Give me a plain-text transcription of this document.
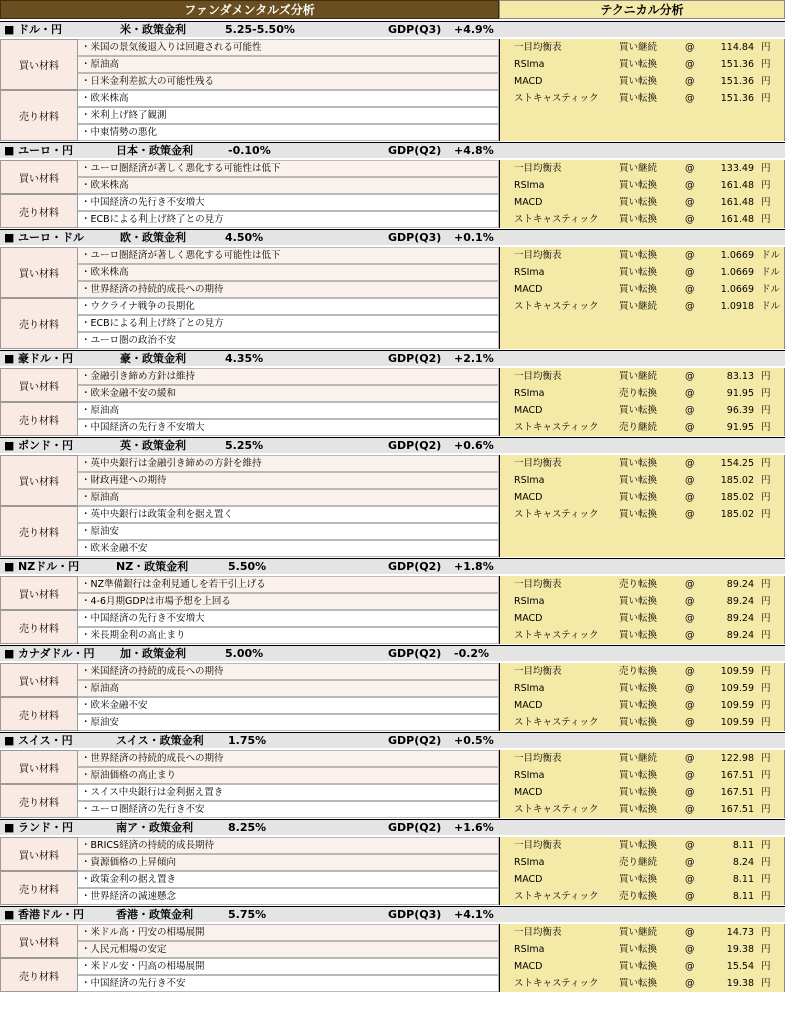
ファンダメンタルズ分析	テクニカル分析
■ ドル・円	米・政策金利	5.25-5.50%	GDP(Q3) +4.9%
買い材料
・米国の景気後退入りは回避される可能性
・原油高
・日米金利差拡大の可能性残る
売り材料
・欧米株高
・米利上げ終了観測
・中東情勢の悪化
一目均衡表	買い継続	@	114.84 円
RSIma	買い転換	@	151.36 円
MACD	買い転換	@	151.36 円
ストキャスティック 買い転換	@	151.36 円
■ ユーロ・円	日本・政策金利	-0.10%	GDP(Q2) +4.8%
買い材料
・ユーロ圏経済が著しく悪化する可能性は低下
・欧米株高
売り材料
・中国経済の先行き不安増大
・ECBによる利上げ終了との見方
一目均衡表	買い継続	@	133.49 円
RSIma	買い転換	@	161.48 円
MACD	買い転換	@	161.48 円
ストキャスティック 買い転換	@	161.48 円
■ ユーロ・ドル	欧・政策金利	4.50%	GDP(Q3) +0.1%
買い材料
・ユーロ圏経済が著しく悪化する可能性は低下
・欧米株高
・世界経済の持続的成長への期待
売り材料
・ウクライナ戦争の長期化
・ECBによる利上げ終了との見方
・ユーロ圏の政治不安
一目均衡表	買い転換	@	1.0669 ドル
RSIma	買い転換	@	1.0669 ドル
MACD	買い転換	@	1.0669 ドル
ストキャスティック 買い継続	@	1.0918 ドル
■ 豪ドル・円	豪・政策金利	4.35%	GDP(Q2) +2.1%
買い材料
・金融引き締め方針は維持
・欧米金融不安の緩和
売り材料
・原油高
・中国経済の先行き不安増大
一目均衡表	買い継続	@	83.13 円
RSIma	売り転換	@	91.95 円
MACD	買い転換	@	96.39 円
ストキャスティック 売り継続	@	91.95 円
■ ポンド・円	英・政策金利	5.25%	GDP(Q2) +0.6%
買い材料
・英中央銀行は金融引き締めの方針を維持
・財政再建への期待
・原油高
売り材料
・英中央銀行は政策金利を据え置く
・原油安
・欧米金融不安
一目均衡表	買い転換	@	154.25 円
RSIma	買い転換	@	185.02 円
MACD	買い転換	@	185.02 円
ストキャスティック 買い転換	@	185.02 円
■ NZドル・円	NZ・政策金利	5.50%	GDP(Q2) +1.8%
買い材料
・NZ準備銀行は金利見通しを若干引上げる
・4-6月期GDPは市場予想を上回る
売り材料
・中国経済の先行き不安増大
・米長期金利の高止まり
一目均衡表	売り転換	@	89.24 円
RSIma	買い転換	@	89.24 円
MACD	買い転換	@	89.24 円
ストキャスティック 買い転換	@	89.24 円
■ カナダドル・円 加・政策金利	5.00%	GDP(Q2) -0.2%
買い材料
・米国経済の持続的成長への期待
・原油高
売り材料
・欧米金融不安
・原油安
一目均衡表	売り転換	@	109.59 円
RSIma	買い転換	@	109.59 円
MACD	買い転換	@	109.59 円
ストキャスティック 買い転換	@	109.59 円
■ スイス・円	スイス・政策金利 1.75%	GDP(Q2) +0.5%
買い材料
・世界経済の持続的成長への期待
・原油価格の高止まり
売り材料
・スイス中央銀行は金利据え置き
・ユーロ圏経済の先行き不安
一目均衡表	買い継続	@	122.98 円
RSIma	買い転換	@	167.51 円
MACD	買い転換	@	167.51 円
ストキャスティック 買い転換	@	167.51 円
■ ランド・円	南ア・政策金利	8.25%	GDP(Q2) +1.6%
買い材料
・BRICS経済の持続的成長期待
・資源価格の上昇傾向
売り材料
・政策金利の据え置き
・世界経済の減速懸念
一目均衡表	買い転換	@	8.11 円
RSIma	売り継続	@	8.24 円
MACD	買い転換	@	8.11 円
ストキャスティック 売り転換	@	8.11 円
■ 香港ドル・円	香港・政策金利	5.75%	GDP(Q3) +4.1%
買い材料
・米ドル高・円安の相場展開
・人民元相場の安定
売り材料
・米ドル安・円高の相場展開
・中国経済の先行き不安
一目均衡表	買い継続	@	14.73 円
RSIma	買い転換	@	19.38 円
MACD	買い転換	@	15.54 円
ストキャスティック 買い転換	@	19.38 円
